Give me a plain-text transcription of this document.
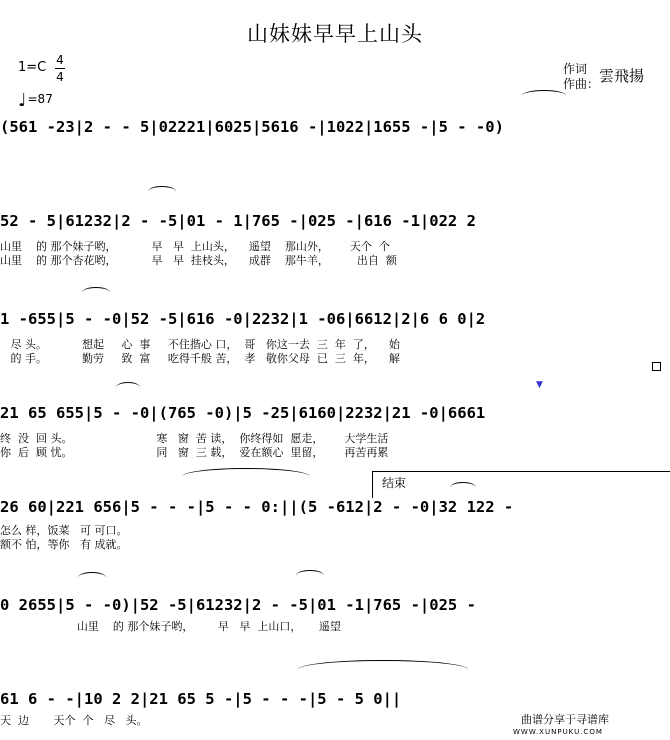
山妹妹早早上山头
1=C 4
4
♩=87
作词
作曲： 雲飛揚
(561 -23|2 - - 5|02221|6025|5616 -|1022|1655 -|5 - -0)
52 - 5|61232|2 - -5|01 - 1|765 -|025 -|616 -1|022 2
山里    的 那个妹子哟，          早   早  上山头，    遥望    那山外，      天个  个
山里    的 那个杏花哟，          早   早  挂枝头，    成群    那牛羊，        出自  额
1 -655|5 - -0|52 -5|616 -0|2232|1 -06|6612|2|6 6 0|2
尽 头。          想起     心  事     不住揩心 口，  哥   你这一去  三  年  了，    始
的 手。          勤劳     致  富     吃得千般 苦，  孝   敬你父母  已  三  年，    解
21 65 655|5 - -0|(765 -0)|5 -25|6160|2232|21 -0|6661
▼
终  没  回 头。                        寒   窗  苦 读，  你终得如  愿走，      大学生活
你  后  顾 忧。                        同   窗  三 载，  爱在额心  里留，      再苦再累
结束
26 60|221 656|5 - - -|5 - - 0:||(5 -612|2 - -0|32 122 -
怎么 样，饭菜   可 可口。
额不 怕，等你   有 成就。
0 2655|5 - -0)|52 -5|61232|2 - -5|01 -1|765 -|025 -
山里    的 那个妹子哟，       早   早  上山口，     遥望
61 6 - -|10 2 2|21 65 5 -|5 - - -|5 - 5 0||
天  边       天个  个   尽   头。	曲谱分享于寻谱库
WWW.XUNPUKU.COM
